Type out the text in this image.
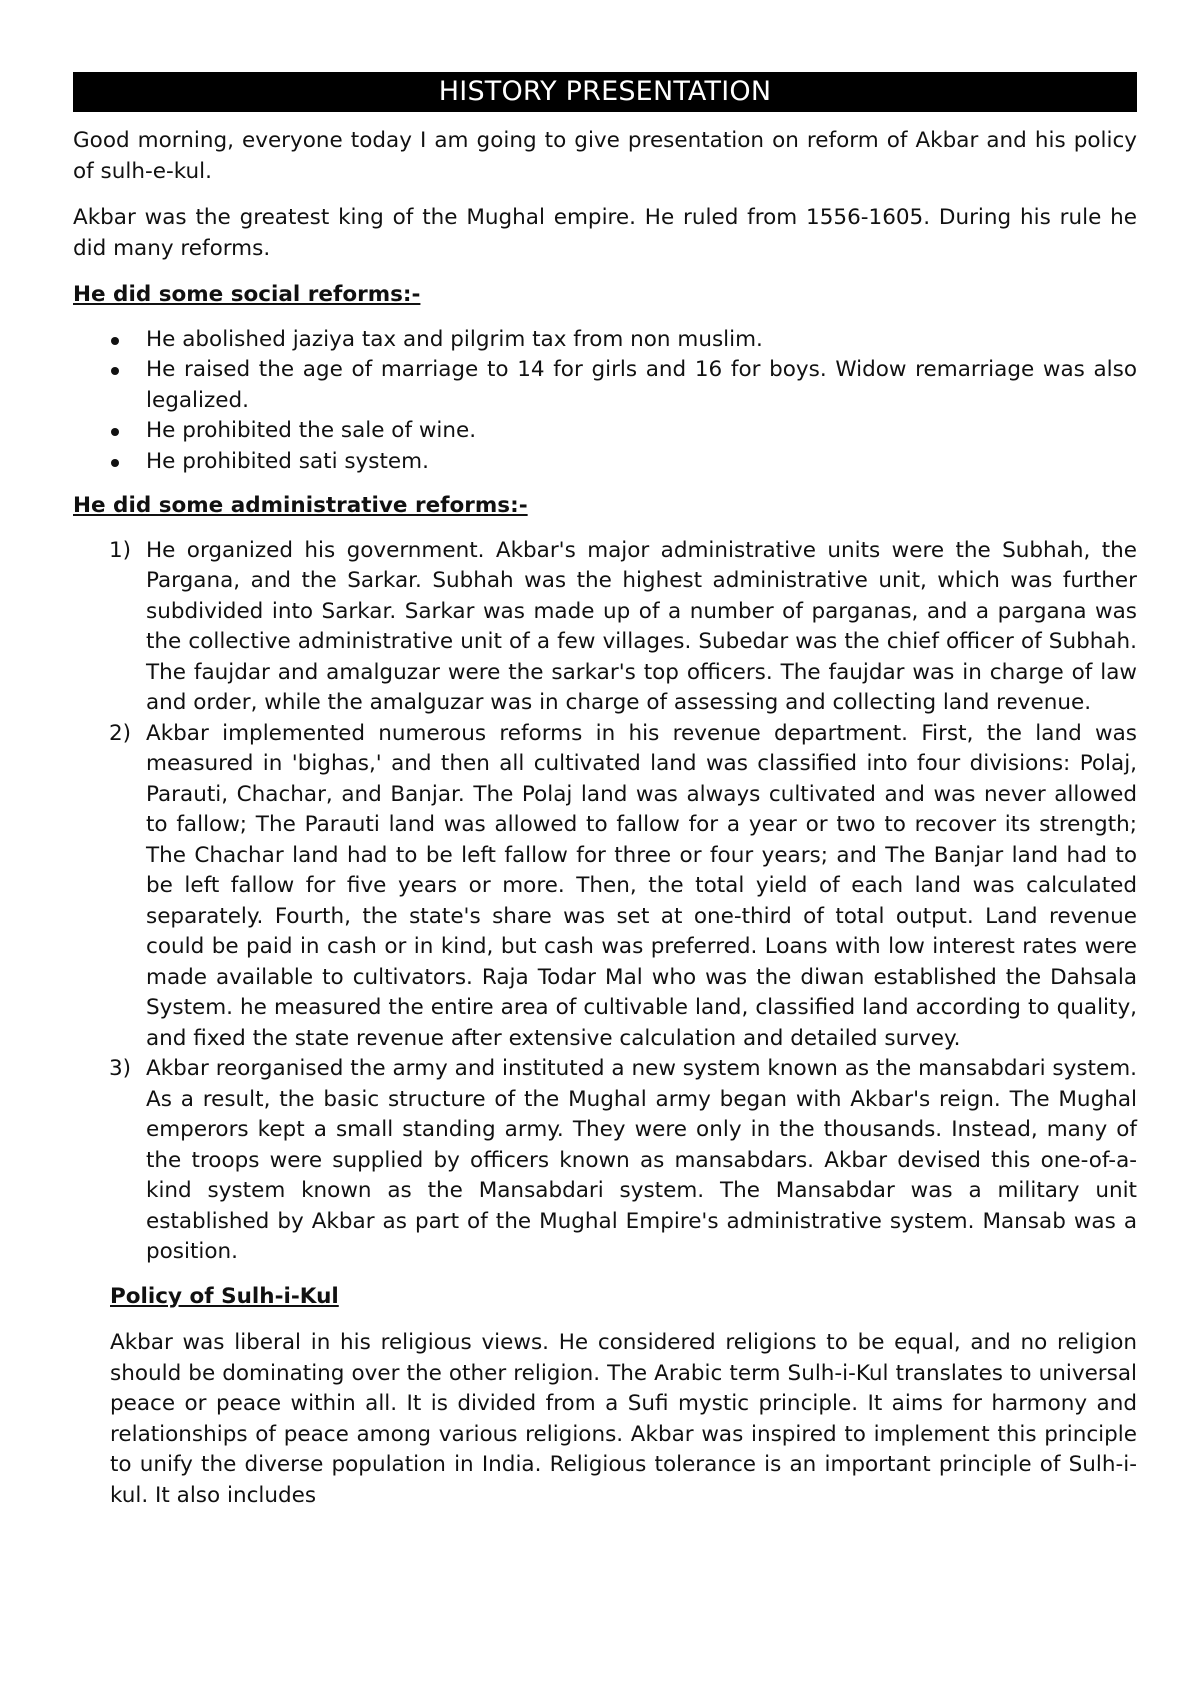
HISTORY PRESENTATION

Good morning, everyone today I am going to give presentation on reform of Akbar and his policy of sulh-e-kul.

Akbar was the greatest king of the Mughal empire. He ruled from 1556-1605. During his rule he did many reforms.

He did some social reforms:-
He abolished jaziya tax and pilgrim tax from non muslim.
He raised the age of marriage to 14 for girls and 16 for boys. Widow remarriage was also legalized.
He prohibited the sale of wine.
He prohibited sati system.
He did some administrative reforms:-
1) He organized his government. Akbar's major administrative units were the Subhah, the Pargana, and the Sarkar. Subhah was the highest administrative unit, which was further subdivided into Sarkar. Sarkar was made up of a number of parganas, and a pargana was the collective administrative unit of a few villages. Subedar was the chief officer of Subhah. The faujdar and amalguzar were the sarkar's top officers. The faujdar was in charge of law and order, while the amalguzar was in charge of assessing and collecting land revenue.
2) Akbar implemented numerous reforms in his revenue department. First, the land was measured in 'bighas,' and then all cultivated land was classified into four divisions: Polaj, Parauti, Chachar, and Banjar. The Polaj land was always cultivated and was never allowed to fallow; The Parauti land was allowed to fallow for a year or two to recover its strength; The Chachar land had to be left fallow for three or four years; and The Banjar land had to be left fallow for five years or more. Then, the total yield of each land was calculated separately. Fourth, the state's share was set at one-third of total output. Land revenue could be paid in cash or in kind, but cash was preferred. Loans with low interest rates were made available to cultivators. Raja Todar Mal who was the diwan established the Dahsala System. he measured the entire area of cultivable land, classified land according to quality, and fixed the state revenue after extensive calculation and detailed survey.
3) Akbar reorganised the army and instituted a new system known as the mansabdari system. As a result, the basic structure of the Mughal army began with Akbar's reign. The Mughal emperors kept a small standing army. They were only in the thousands. Instead, many of the troops were supplied by officers known as mansabdars. Akbar devised this one-of-a-kind system known as the Mansabdari system. The Mansabdar was a military unit established by Akbar as part of the Mughal Empire's administrative system. Mansab was a position.
Policy of Sulh-i-Kul

Akbar was liberal in his religious views. He considered religions to be equal, and no religion should be dominating over the other religion. The Arabic term Sulh-i-Kul translates to universal peace or peace within all. It is divided from a Sufi mystic principle. It aims for harmony and relationships of peace among various religions. Akbar was inspired to implement this principle to unify the diverse population in India. Religious tolerance is an important principle of Sulh-i-kul. It also includes
